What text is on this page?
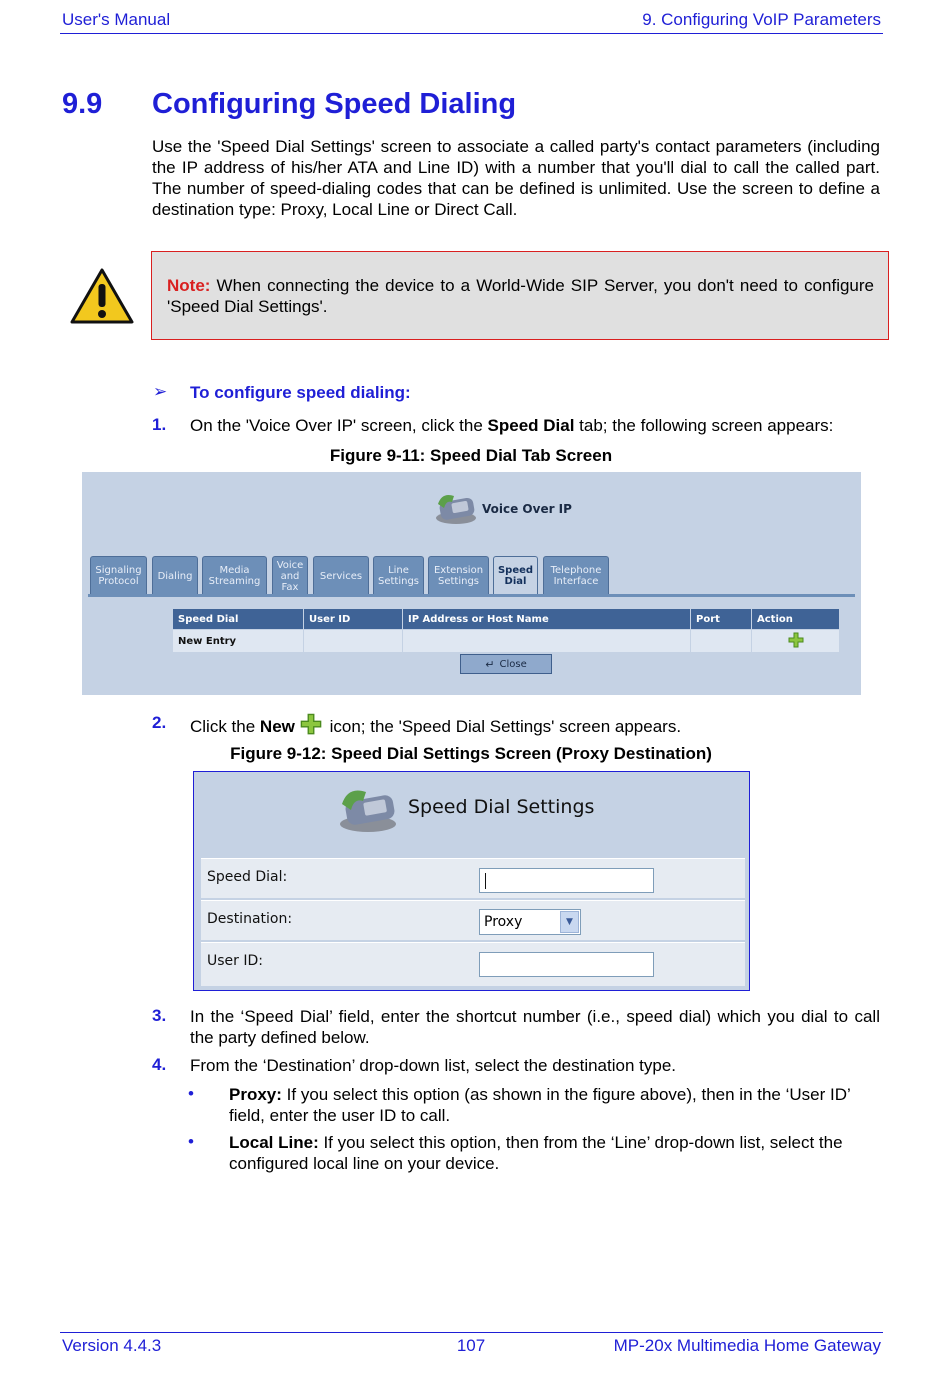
User's Manual	9. Configuring VoIP Parameters
9.9 Configuring Speed Dialing
Use the 'Speed Dial Settings' screen to associate a called party's contact parameters (including the IP address of his/her ATA and Line ID) with a number that you'll dial to call the called part. The number of speed-dialing codes that can be defined is unlimited. Use the screen to define a destination type: Proxy, Local Line or Direct Call.
Note: When connecting the device to a World-Wide SIP Server, you don't need to configure 'Speed Dial Settings'.
➢ To configure speed dialing:
1. On the 'Voice Over IP' screen, click the Speed Dial tab; the following screen appears:
Figure 9-11: Speed Dial Tab Screen
Voice Over IP
Signaling Protocol	Dialing	Media Streaming
Voice and Fax
Services	Line Settings
Extension Settings
Speed Dial
Telephone Interface
Speed Dial	User ID	IP Address or Host Name	Port	Action
New Entry				
↵ Close
2. Click the New icon; the 'Speed Dial Settings' screen appears.
Figure 9-12: Speed Dial Settings Screen (Proxy Destination)
Speed Dial Settings
Speed Dial:
Destination:	Proxy	▼
User ID:
3. In the ‘Speed Dial’ field, enter the shortcut number (i.e., speed dial) which you dial to call the party defined below.
4. From the ‘Destination’ drop-down list, select the destination type.
• Proxy: If you select this option (as shown in the figure above), then in the ‘User ID’ field, enter the user ID to call.
• Local Line: If you select this option, then from the ‘Line’ drop-down list, select the configured local line on your device.
Version 4.4.3	107	MP-20x Multimedia Home Gateway
